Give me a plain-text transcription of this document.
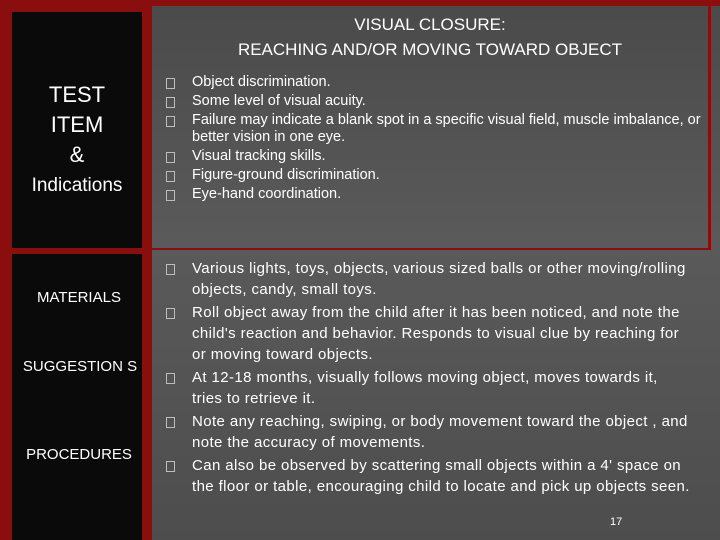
VISUAL CLOSURE:
REACHING AND/OR MOVING TOWARD OBJECT
TEST
ITEM
&
Indications
MATERIALS
SUGGESTION S
PROCEDURES
Object discrimination.
Some level of visual acuity.
Failure may indicate a blank spot in a specific visual field, muscle imbalance, or better vision in one eye.
Visual tracking skills.
Figure-ground discrimination.
Eye-hand coordination.
Various lights, toys, objects, various sized balls or other moving/rolling objects, candy, small toys.
Roll object away from the child after it has been noticed, and note the child's reaction and behavior. Responds to visual clue by reaching for or moving toward objects.
At 12-18 months, visually follows moving object, moves towards it, tries to retrieve it.
Note any reaching, swiping, or body movement toward the object , and note the accuracy of movements.
Can also be observed by scattering small objects within a 4' space on the floor or table, encouraging child to locate and pick up objects seen.
17
